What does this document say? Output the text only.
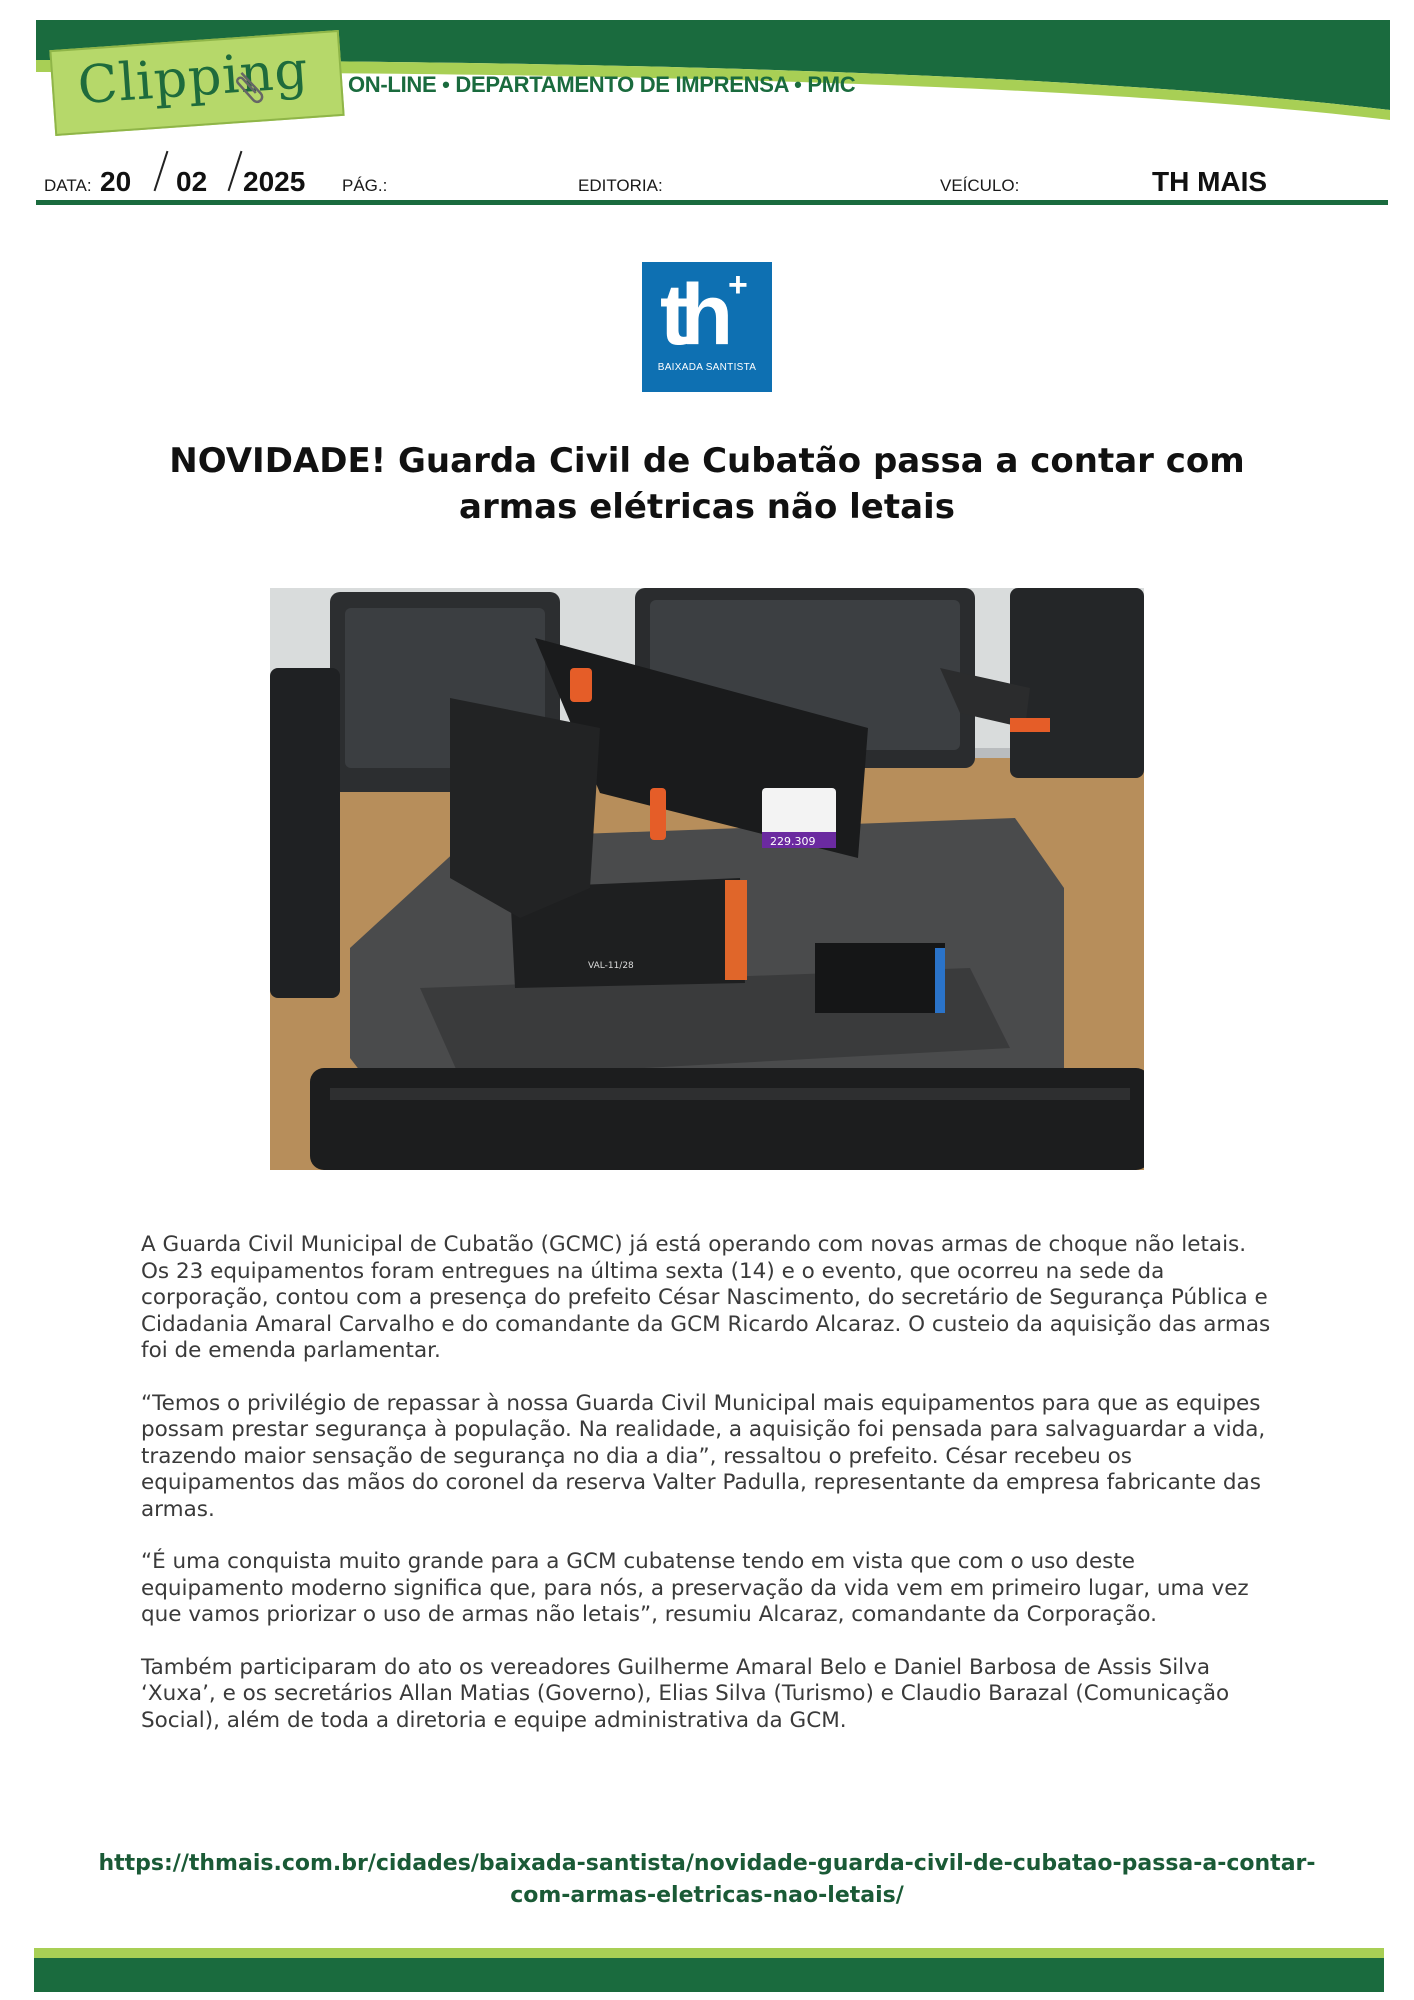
Clipping ON-LINE • DEPARTAMENTO DE IMPRENSA • PMC
DATA: 20 02 2025 PÁG.:	EDITORIA:	VEÍCULO:	TH MAIS
th +
BAIXADA SANTISTA
NOVIDADE! Guarda Civil de Cubatão passa a contar com armas elétricas não letais
229.309
VAL-11/28

A Guarda Civil Municipal de Cubatão (GCMC) já está operando com novas armas de choque não letais. Os 23 equipamentos foram entregues na última sexta (14) e o evento, que ocorreu na sede da corporação, contou com a presença do prefeito César Nascimento, do secretário de Segurança Pública e Cidadania Amaral Carvalho e do comandante da GCM Ricardo Alcaraz. O custeio da aquisição das armas foi de emenda parlamentar.

“Temos o privilégio de repassar à nossa Guarda Civil Municipal mais equipamentos para que as equipes possam prestar segurança à população. Na realidade, a aquisição foi pensada para salvaguardar a vida, trazendo maior sensação de segurança no dia a dia”, ressaltou o prefeito. César recebeu os equipamentos das mãos do coronel da reserva Valter Padulla, representante da empresa fabricante das armas.

“É uma conquista muito grande para a GCM cubatense tendo em vista que com o uso deste equipamento moderno significa que, para nós, a preservação da vida vem em primeiro lugar, uma vez que vamos priorizar o uso de armas não letais”, resumiu Alcaraz, comandante da Corporação.

Também participaram do ato os vereadores Guilherme Amaral Belo e Daniel Barbosa de Assis Silva ‘Xuxa’, e os secretários Allan Matias (Governo), Elias Silva (Turismo) e Claudio Barazal (Comunicação Social), além de toda a diretoria e equipe administrativa da GCM.

https://thmais.com.br/cidades/baixada-santista/novidade-guarda-civil-de-cubatao-passa-a-contar-com-armas-eletricas-nao-letais/
